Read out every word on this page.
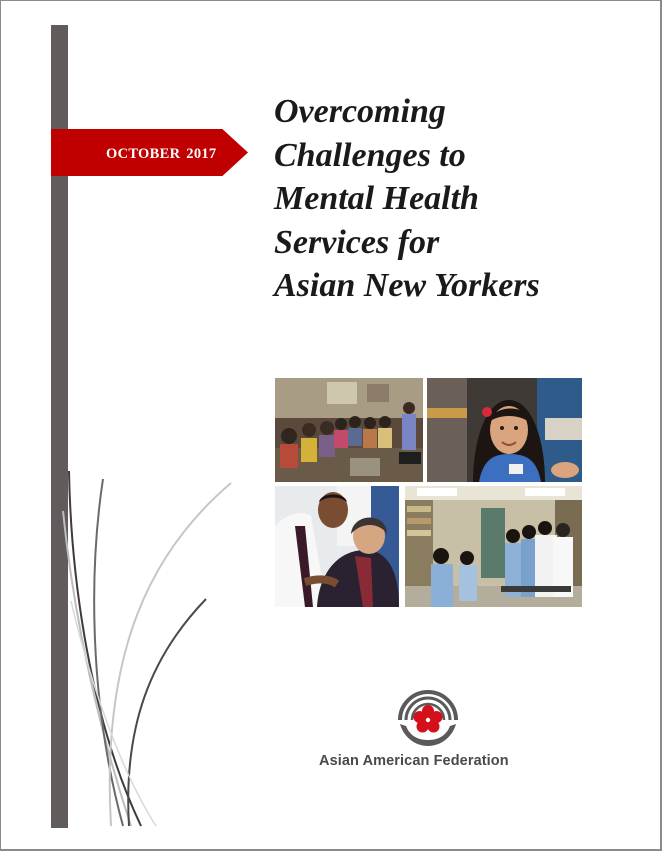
OCTOBER 2017
Overcoming
Challenges to
Mental Health
Services for
Asian New Yorkers
Asian American Federation
